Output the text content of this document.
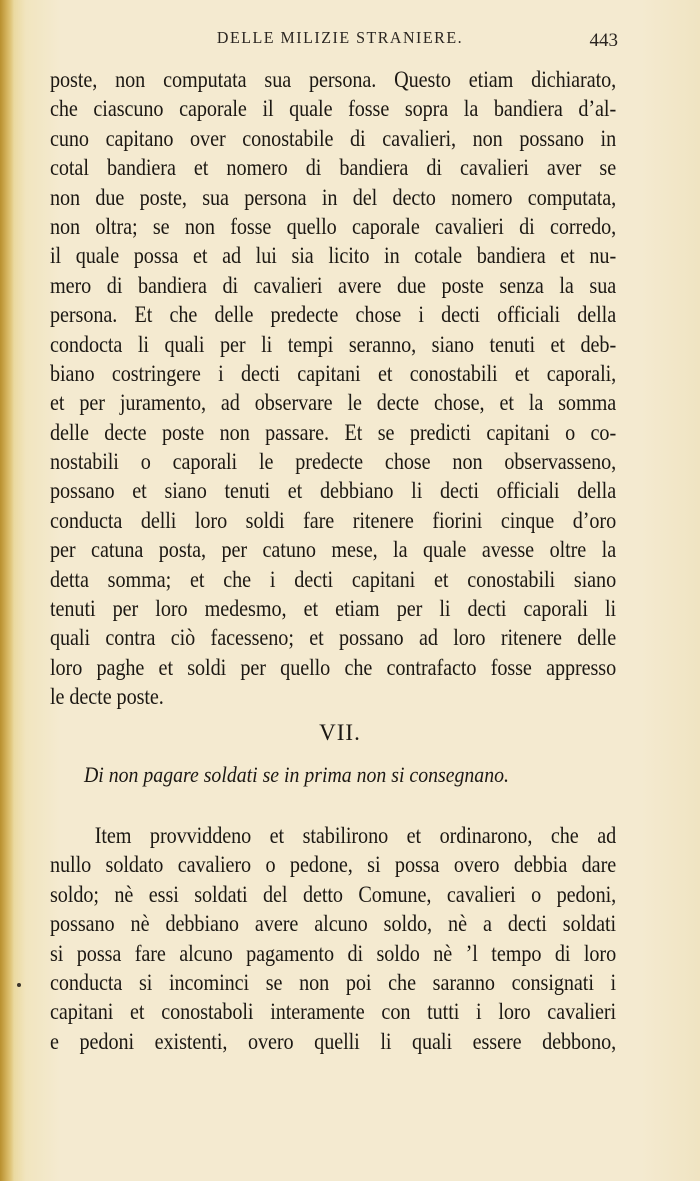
DELLE MILIZIE STRANIERE.	443
poste, non computata sua persona. Questo etiam dichiarato,
che ciascuno caporale il quale fosse sopra la bandiera d’al-
cuno capitano over conostabile di cavalieri, non possano in
cotal bandiera et nomero di bandiera di cavalieri aver se
non due poste, sua persona in del decto nomero computata,
non oltra; se non fosse quello caporale cavalieri di corredo,
il quale possa et ad lui sia licito in cotale bandiera et nu-
mero di bandiera di cavalieri avere due poste senza la sua
persona. Et che delle predecte chose i decti officiali della
condocta li quali per li tempi seranno, siano tenuti et deb-
biano costringere i decti capitani et conostabili et caporali,
et per juramento, ad observare le decte chose, et la somma
delle decte poste non passare. Et se predicti capitani o co-
nostabili o caporali le predecte chose non observasseno,
possano et siano tenuti et debbiano li decti officiali della
conducta delli loro soldi fare ritenere fiorini cinque d’oro
per catuna posta, per catuno mese, la quale avesse oltre la
detta somma; et che i decti capitani et conostabili siano
tenuti per loro medesmo, et etiam per li decti caporali li
quali contra ciò facesseno; et possano ad loro ritenere delle
loro paghe et soldi per quello che contrafacto fosse appresso
le decte poste.
VII.
Di non pagare soldati se in prima non si consegnano.
Item provviddeno et stabilirono et ordinarono, che ad
nullo soldato cavaliero o pedone, si possa overo debbia dare
soldo; nè essi soldati del detto Comune, cavalieri o pedoni,
possano nè debbiano avere alcuno soldo, nè a decti soldati
si possa fare alcuno pagamento di soldo nè ’l tempo di loro
conducta si incominci se non poi che saranno consignati i
capitani et conostaboli interamente con tutti i loro cavalieri
e pedoni existenti, overo quelli li quali essere debbono,
